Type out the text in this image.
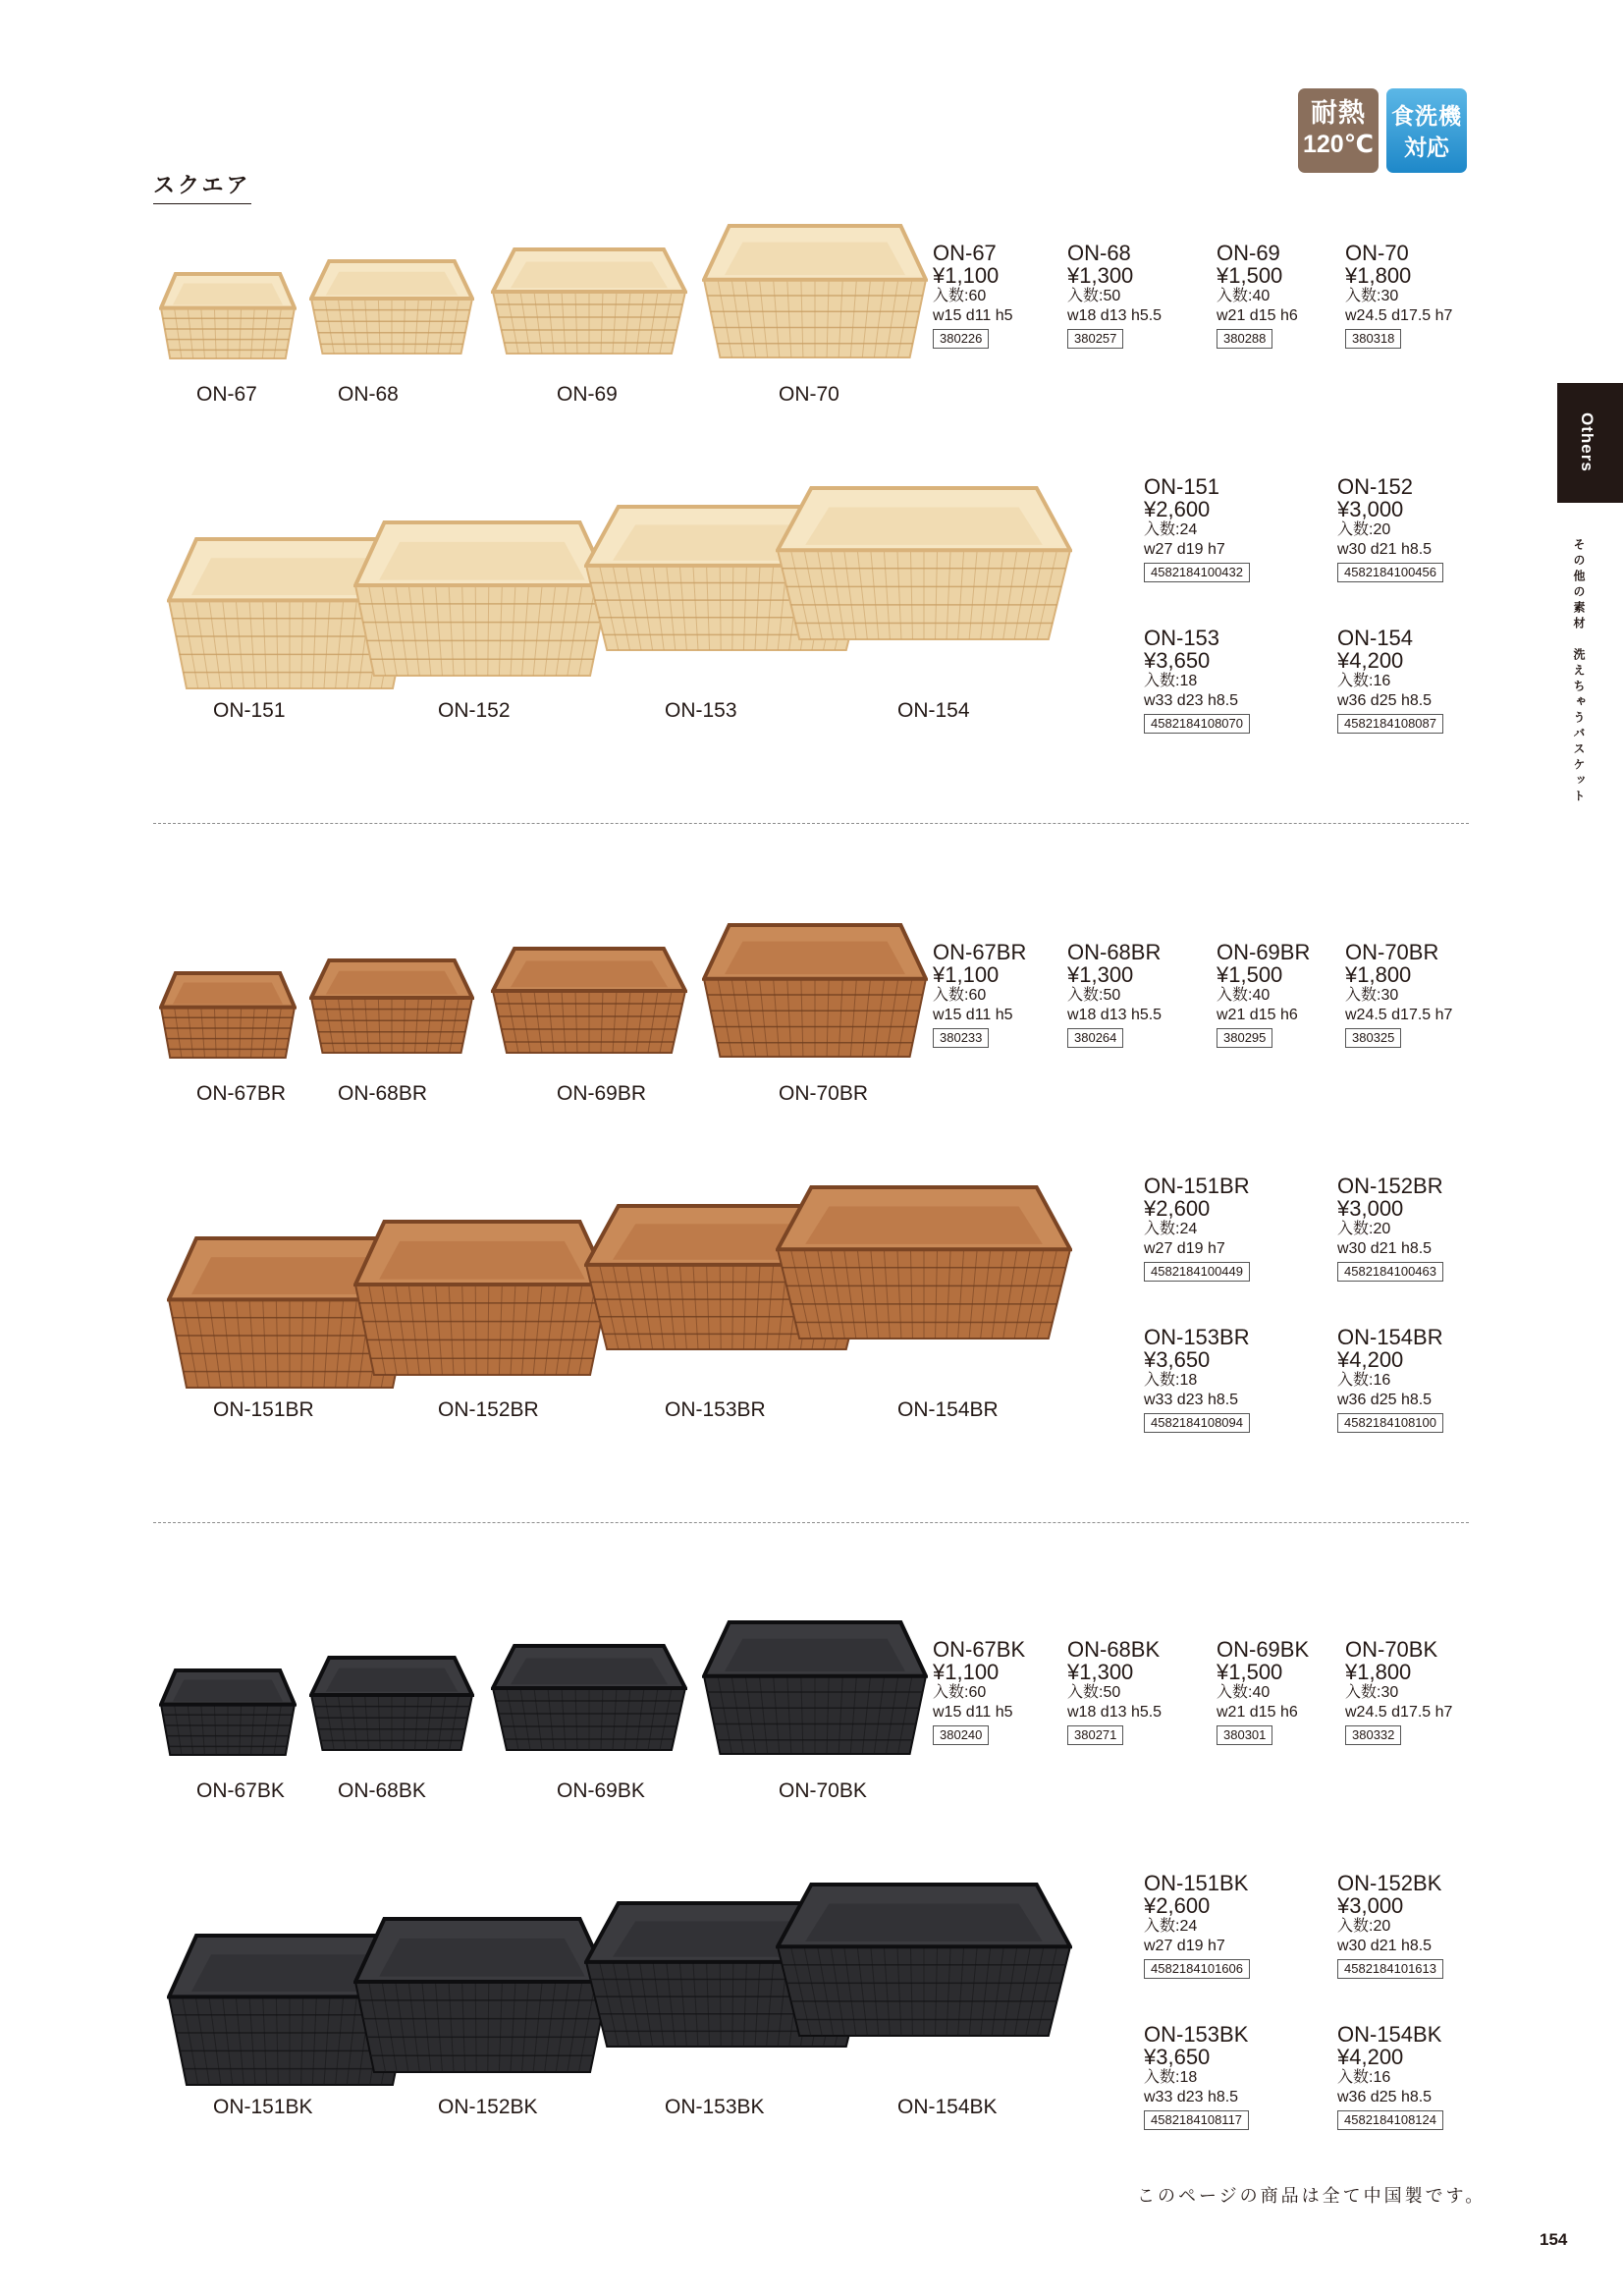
スクエア
耐熱
120℃
食洗機
対応
Others
その他の素材　洗えちゃうバスケット
ON-67	ON-68	ON-69	ON-70
ON-151	ON-152	ON-153	ON-154
ON-67
¥1,100
入数:60
w15 d11 h5
380226
ON-68
¥1,300
入数:50
w18 d13 h5.5
380257
ON-69
¥1,500
入数:40
w21 d15 h6
380288
ON-70
¥1,800
入数:30
w24.5 d17.5 h7
380318
ON-151
¥2,600
入数:24
w27 d19 h7
4582184100432
ON-152
¥3,000
入数:20
w30 d21 h8.5
4582184100456
ON-153
¥3,650
入数:18
w33 d23 h8.5
4582184108070
ON-154
¥4,200
入数:16
w36 d25 h8.5
4582184108087
ON-67BR	ON-68BR	ON-69BR	ON-70BR
ON-151BR	ON-152BR	ON-153BR	ON-154BR
ON-67BR
¥1,100
入数:60
w15 d11 h5
380233
ON-68BR
¥1,300
入数:50
w18 d13 h5.5
380264
ON-69BR
¥1,500
入数:40
w21 d15 h6
380295
ON-70BR
¥1,800
入数:30
w24.5 d17.5 h7
380325
ON-151BR
¥2,600
入数:24
w27 d19 h7
4582184100449
ON-152BR
¥3,000
入数:20
w30 d21 h8.5
4582184100463
ON-153BR
¥3,650
入数:18
w33 d23 h8.5
4582184108094
ON-154BR
¥4,200
入数:16
w36 d25 h8.5
4582184108100
ON-67BK	ON-68BK	ON-69BK	ON-70BK
ON-151BK	ON-152BK	ON-153BK	ON-154BK
ON-67BK
¥1,100
入数:60
w15 d11 h5
380240
ON-68BK
¥1,300
入数:50
w18 d13 h5.5
380271
ON-69BK
¥1,500
入数:40
w21 d15 h6
380301
ON-70BK
¥1,800
入数:30
w24.5 d17.5 h7
380332
ON-151BK
¥2,600
入数:24
w27 d19 h7
4582184101606
ON-152BK
¥3,000
入数:20
w30 d21 h8.5
4582184101613
ON-153BK
¥3,650
入数:18
w33 d23 h8.5
4582184108117
ON-154BK
¥4,200
入数:16
w36 d25 h8.5
4582184108124
このページの商品は全て中国製です。
154
